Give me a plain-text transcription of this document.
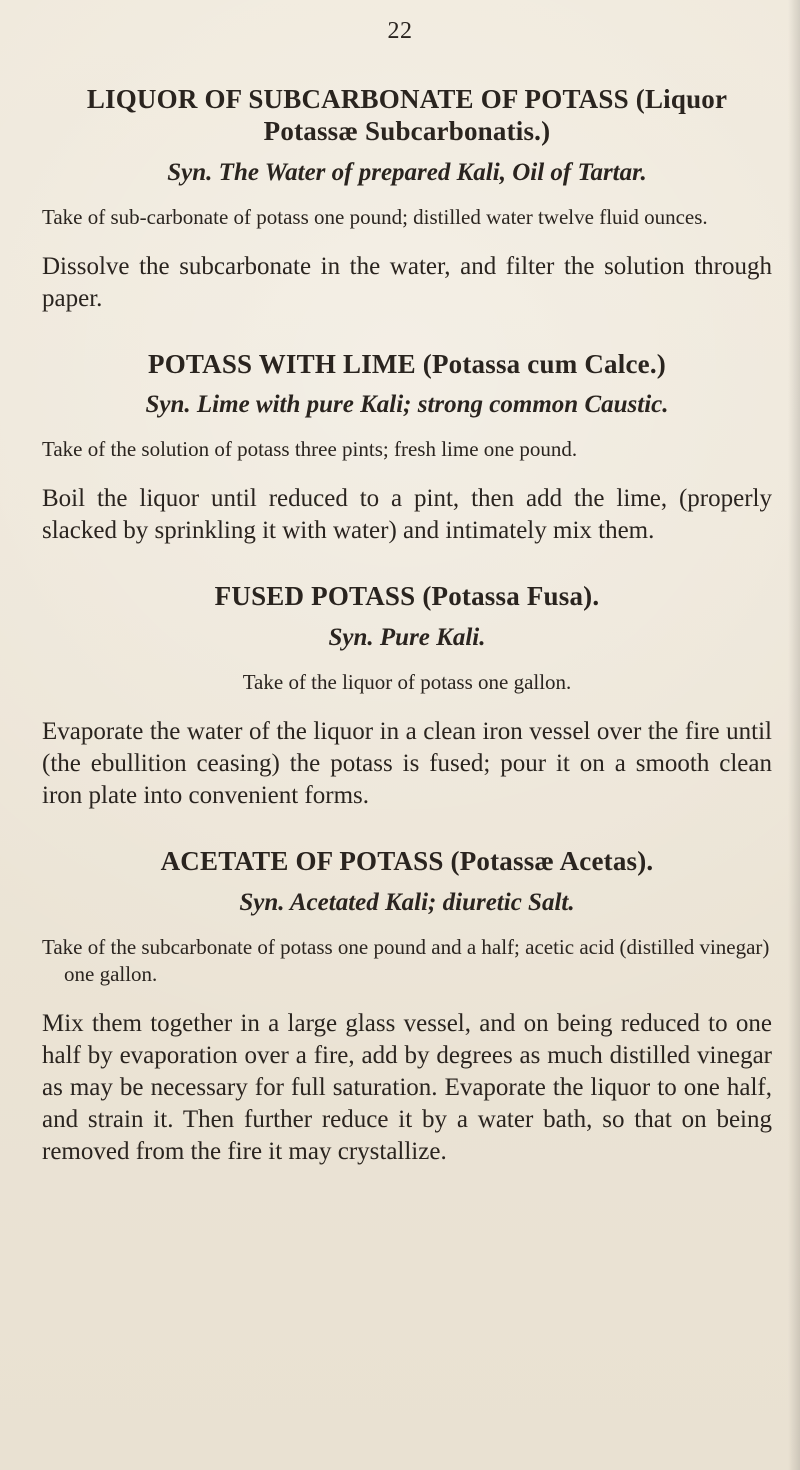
22
LIQUOR OF SUBCARBONATE OF POTASS (Liquor Potassæ Subcarbonatis.)
Syn. The Water of prepared Kali, Oil of Tartar.

Take of sub-carbonate of potass one pound; distilled water twelve fluid ounces.

Dissolve the subcarbonate in the water, and filter the solution through paper.

POTASS WITH LIME (Potassa cum Calce.)
Syn. Lime with pure Kali; strong common Caustic.

Take of the solution of potass three pints; fresh lime one pound.

Boil the liquor until reduced to a pint, then add the lime, (properly slacked by sprinkling it with water) and intimately mix them.

FUSED POTASS (Potassa Fusa).
Syn. Pure Kali.

Take of the liquor of potass one gallon.

Evaporate the water of the liquor in a clean iron vessel over the fire until (the ebullition ceasing) the potass is fused; pour it on a smooth clean iron plate into convenient forms.

ACETATE OF POTASS (Potassæ Acetas).
Syn. Acetated Kali; diuretic Salt.

Take of the subcarbonate of potass one pound and a half; acetic acid (distilled vinegar) one gallon.

Mix them together in a large glass vessel, and on being reduced to one half by evaporation over a fire, add by degrees as much distilled vinegar as may be necessary for full saturation. Evaporate the liquor to one half, and strain it. Then further reduce it by a water bath, so that on being removed from the fire it may crystallize.
